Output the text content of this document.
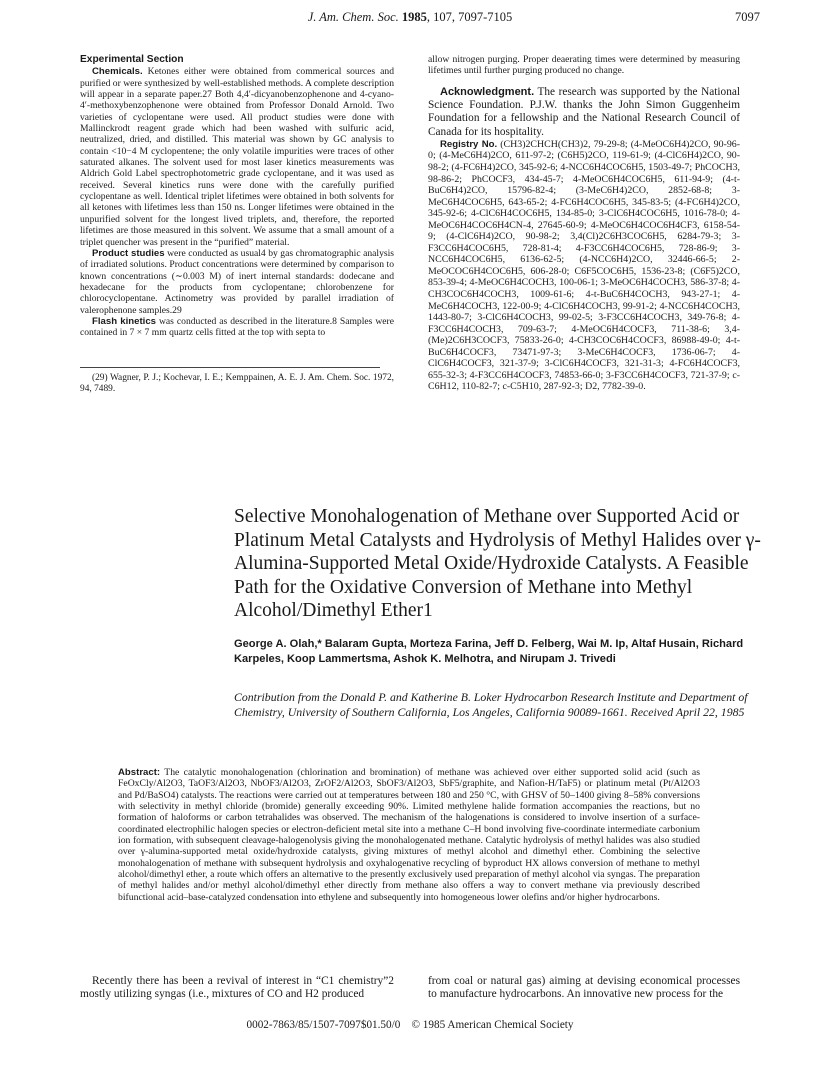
J. Am. Chem. Soc. 1985, 107, 7097-7105	7097
Experimental Section

Chemicals. Ketones either were obtained from commerical sources and purified or were synthesized by well-established methods. A complete description will appear in a separate paper.27 Both 4,4′-dicyanobenzophenone and 4-cyano-4′-methoxybenzophenone were obtained from Professor Donald Arnold. Two varieties of cyclopentane were used. All product studies were done with Mallinckrodt reagent grade which had been washed with sulfuric acid, neutralized, dried, and distilled. This material was shown by GC analysis to contain <10−4 M cyclopentene; the only volatile impurities were traces of other saturated alkanes. The solvent used for most laser kinetics measurements was Aldrich Gold Label spectrophotometric grade cyclopentane, and it was used as received. Several kinetics runs were done with the carefully purified cyclopentane as well. Identical triplet lifetimes were obtained in both solvents for all ketones with lifetimes less than 150 ns. Longer lifetimes were obtained in the unpurified solvent for the longest lived triplets, and, therefore, the reported lifetimes are those measured in this solvent. We assume that a small amount of a triplet quencher was present in the “purified” material.

Product studies were conducted as usual4 by gas chromatographic analysis of irradiated solutions. Product concentrations were determined by comparison to known concentrations (∼0.003 M) of inert internal standards: dodecane and hexadecane for the products from cyclopentane; chlorobenzene for chlorocyclopentane. Actinometry was provided by parallel irradiation of valerophenone samples.29

Flash kinetics was conducted as described in the literature.8 Samples were contained in 7 × 7 mm quartz cells fitted at the top with septa to

(29) Wagner, P. J.; Kochevar, I. E.; Kemppainen, A. E. J. Am. Chem. Soc. 1972, 94, 7489.

allow nitrogen purging. Proper deaerating times were determined by measuring lifetimes until further purging produced no change.

Acknowledgment. The research was supported by the National Science Foundation. P.J.W. thanks the John Simon Guggenheim Foundation for a fellowship and the National Research Council of Canada for its hospitality.

Registry No. (CH3)2CHCH(CH3)2, 79-29-8; (4-MeOC6H4)2CO, 90-96-0; (4-MeC6H4)2CO, 611-97-2; (C6H5)2CO, 119-61-9; (4-ClC6H4)2CO, 90-98-2; (4-FC6H4)2CO, 345-92-6; 4-NCC6H4COC6H5, 1503-49-7; PhCOCH3, 98-86-2; PhCOCF3, 434-45-7; 4-MeOC6H4COC6H5, 611-94-9; (4-t-BuC6H4)2CO, 15796-82-4; (3-MeC6H4)2CO, 2852-68-8; 3-MeC6H4COC6H5, 643-65-2; 4-FC6H4COC6H5, 345-83-5; (4-FC6H4)2CO, 345-92-6; 4-ClC6H4COC6H5, 134-85-0; 3-ClC6H4COC6H5, 1016-78-0; 4-MeOC6H4COC6H4CN-4, 27645-60-9; 4-MeOC6H4COC6H4CF3, 6158-54-9; (4-ClC6H4)2CO, 90-98-2; 3,4(Cl)2C6H3COC6H5, 6284-79-3; 3-F3CC6H4COC6H5, 728-81-4; 4-F3CC6H4COC6H5, 728-86-9; 3-NCC6H4COC6H5, 6136-62-5; (4-NCC6H4)2CO, 32446-66-5; 2-MeOCOC6H4COC6H5, 606-28-0; C6F5COC6H5, 1536-23-8; (C6F5)2CO, 853-39-4; 4-MeOC6H4COCH3, 100-06-1; 3-MeOC6H4COCH3, 586-37-8; 4-CH3COC6H4COCH3, 1009-61-6; 4-t-BuC6H4COCH3, 943-27-1; 4-MeC6H4COCH3, 122-00-9; 4-ClC6H4COCH3, 99-91-2; 4-NCC6H4COCH3, 1443-80-7; 3-ClC6H4COCH3, 99-02-5; 3-F3CC6H4COCH3, 349-76-8; 4-F3CC6H4COCH3, 709-63-7; 4-MeOC6H4COCF3, 711-38-6; 3,4-(Me)2C6H3COCF3, 75833-26-0; 4-CH3COC6H4COCF3, 86988-49-0; 4-t-BuC6H4COCF3, 73471-97-3; 3-MeC6H4COCF3, 1736-06-7; 4-ClC6H4COCF3, 321-37-9; 3-ClC6H4COCF3, 321-31-3; 4-FC6H4COCF3, 655-32-3; 4-F3CC6H4COCF3, 74853-66-0; 3-F3CC6H4COCF3, 721-37-9; c-C6H12, 110-82-7; c-C5H10, 287-92-3; D2, 7782-39-0.

Selective Monohalogenation of Methane over Supported Acid or Platinum Metal Catalysts and Hydrolysis of Methyl Halides over γ-Alumina-Supported Metal Oxide/Hydroxide Catalysts. A Feasible Path for the Oxidative Conversion of Methane into Methyl Alcohol/Dimethyl Ether1
George A. Olah,* Balaram Gupta, Morteza Farina, Jeff D. Felberg, Wai M. Ip, Altaf Husain, Richard Karpeles, Koop Lammertsma, Ashok K. Melhotra, and Nirupam J. Trivedi
Contribution from the Donald P. and Katherine B. Loker Hydrocarbon Research Institute and Department of Chemistry, University of Southern California, Los Angeles, California 90089-1661. Received April 22, 1985
Abstract: The catalytic monohalogenation (chlorination and bromination) of methane was achieved over either supported solid acid (such as FeOxCly/Al2O3, TaOF3/Al2O3, NbOF3/Al2O3, ZrOF2/Al2O3, SbOF3/Al2O3, SbF5/graphite, and Nafion-H/TaF5) or platinum metal (Pt/Al2O3 and Pd/BaSO4) catalysts. The reactions were carried out at temperatures between 180 and 250 °C, with GHSV of 50–1400 giving 8–58% conversions with selectivity in methyl chloride (bromide) generally exceeding 90%. Limited methylene halide formation accompanies the reactions, but no formation of haloforms or carbon tetrahalides was observed. The mechanism of the halogenations is considered to involve insertion of a surface-coordinated electrophilic halogen species or electron-deficient metal site into a methane C–H bond involving five-coordinate intermediate carbonium ion formation, with subsequent cleavage-halogenolysis giving the monohalogenated methane. Catalytic hydrolysis of methyl halides was also studied over γ-alumina-supported metal oxide/hydroxide catalysts, giving mixtures of methyl alcohol and dimethyl ether. Combining the selective monohalogenation of methane with subsequent hydrolysis and oxyhalogenative recycling of byproduct HX allows conversion of methane to methyl alcohol/dimethyl ether, a route which offers an alternative to the presently exclusively used preparation of methyl alcohol via syngas. The preparation of methyl halides and/or methyl alcohol/dimethyl ether directly from methane also offers a way to convert methane via previously described bifunctional acid–base-catalyzed condensation into ethylene and subsequently into homogeneous lower olefins and/or higher hydrocarbons.

Recently there has been a revival of interest in “C1 chemistry”2 mostly utilizing syngas (i.e., mixtures of CO and H2 produced

from coal or natural gas) aiming at devising economical processes to manufacture hydrocarbons. An innovative new process for the

0002-7863/85/1507-7097$01.50/0 © 1985 American Chemical Society
